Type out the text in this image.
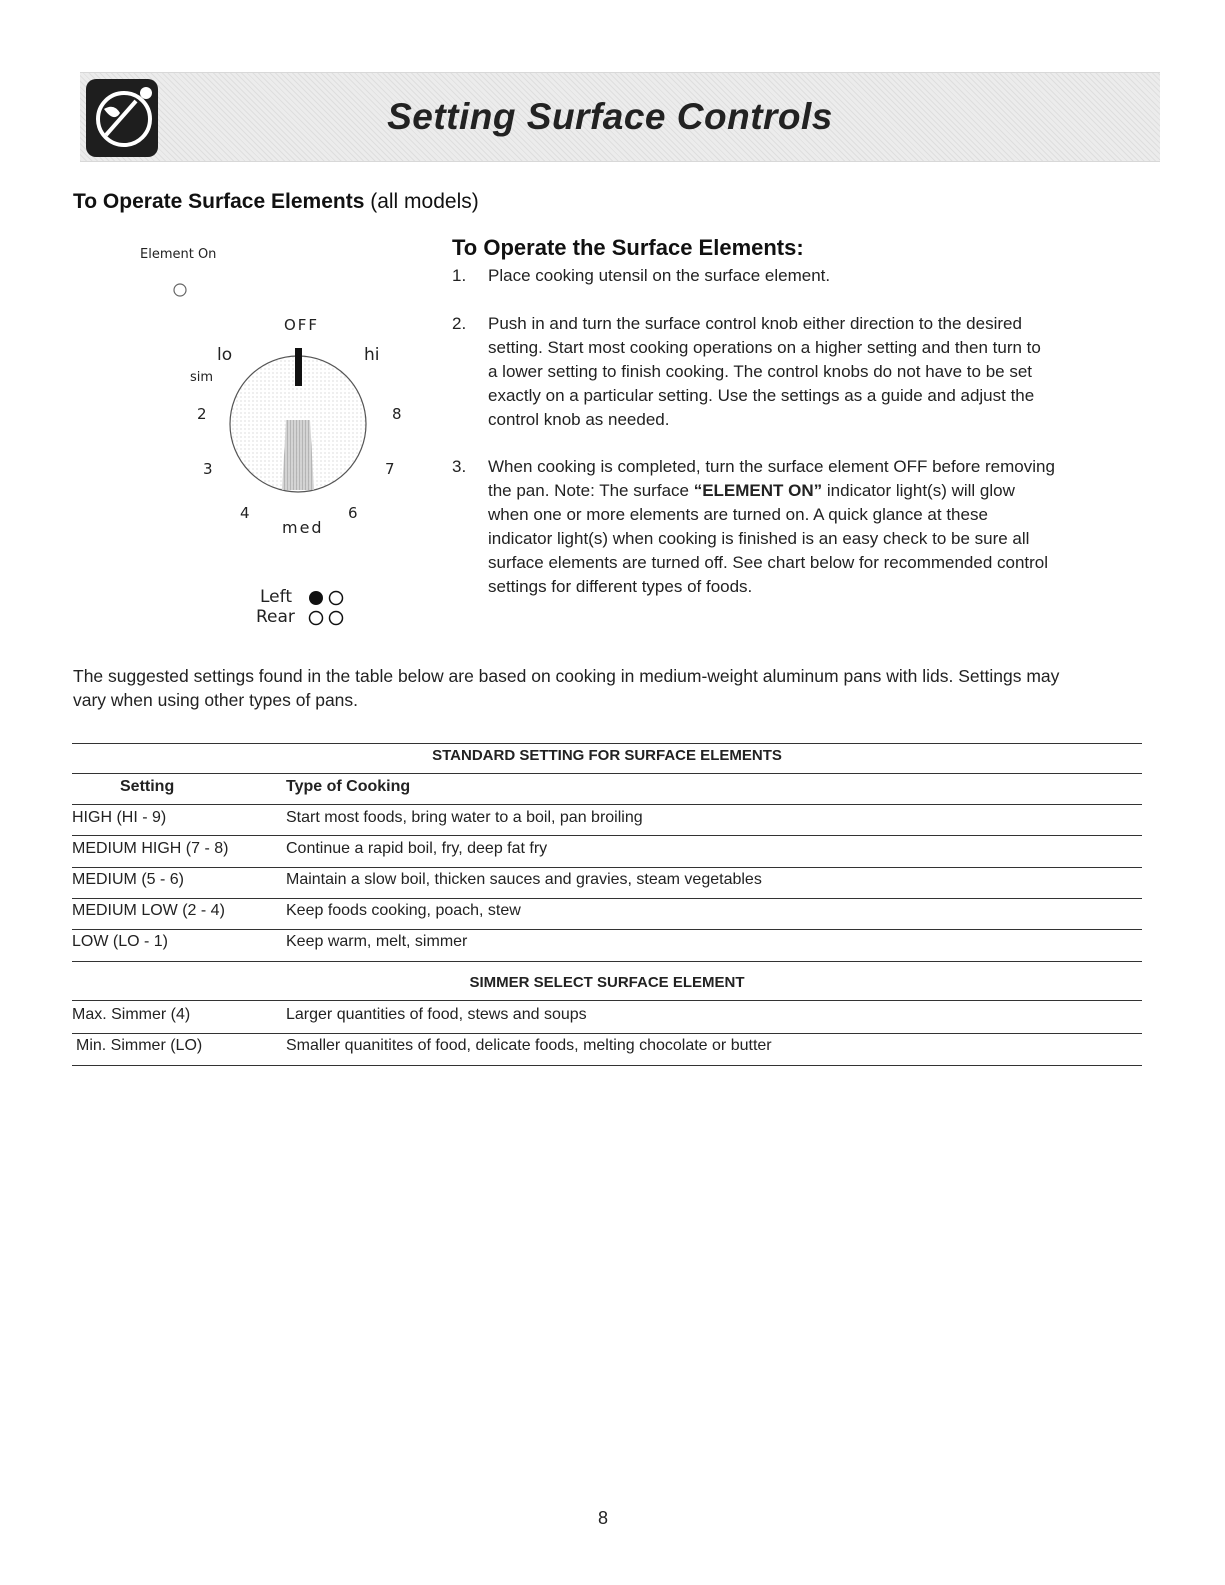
Setting Surface Controls
To Operate Surface Elements (all models)
Element On
OFF
lo	hi
sim
2	8
3	7
4	6
med
Left
Rear
To Operate the Surface Elements:
1.	Place cooking utensil on the surface element.
2.	Push in and turn the surface control knob either direction to the desired
setting. Start most cooking operations on a higher setting and then turn to
a lower setting to finish cooking. The control knobs do not have to be set
exactly on a particular setting. Use the settings as a guide and adjust the
control knob as needed.
3.	When cooking is completed, turn the surface element OFF before removing
the pan. Note: The surface “ELEMENT ON” indicator light(s) will glow
when one or more elements are turned on. A quick glance at these
indicator light(s) when cooking is finished is an easy check to be sure all
surface elements are turned off. See chart below for recommended control
settings for different types of foods.
The suggested settings found in the table below are based on cooking in medium-weight aluminum pans with lids. Settings may
vary when using other types of pans.
STANDARD SETTING FOR SURFACE ELEMENTS
Setting	Type of Cooking
HIGH (HI - 9)	Start most foods, bring water to a boil, pan broiling
MEDIUM HIGH (7 - 8)	Continue a rapid boil, fry, deep fat fry
MEDIUM (5 - 6)	Maintain a slow boil, thicken sauces and gravies, steam vegetables
MEDIUM LOW (2 - 4)	Keep foods cooking, poach, stew
LOW (LO - 1)	Keep warm, melt, simmer
SIMMER SELECT SURFACE ELEMENT
Max. Simmer (4)	Larger quantities of food, stews and soups
Min. Simmer (LO)	Smaller quanitites of food, delicate foods, melting chocolate or butter
8
